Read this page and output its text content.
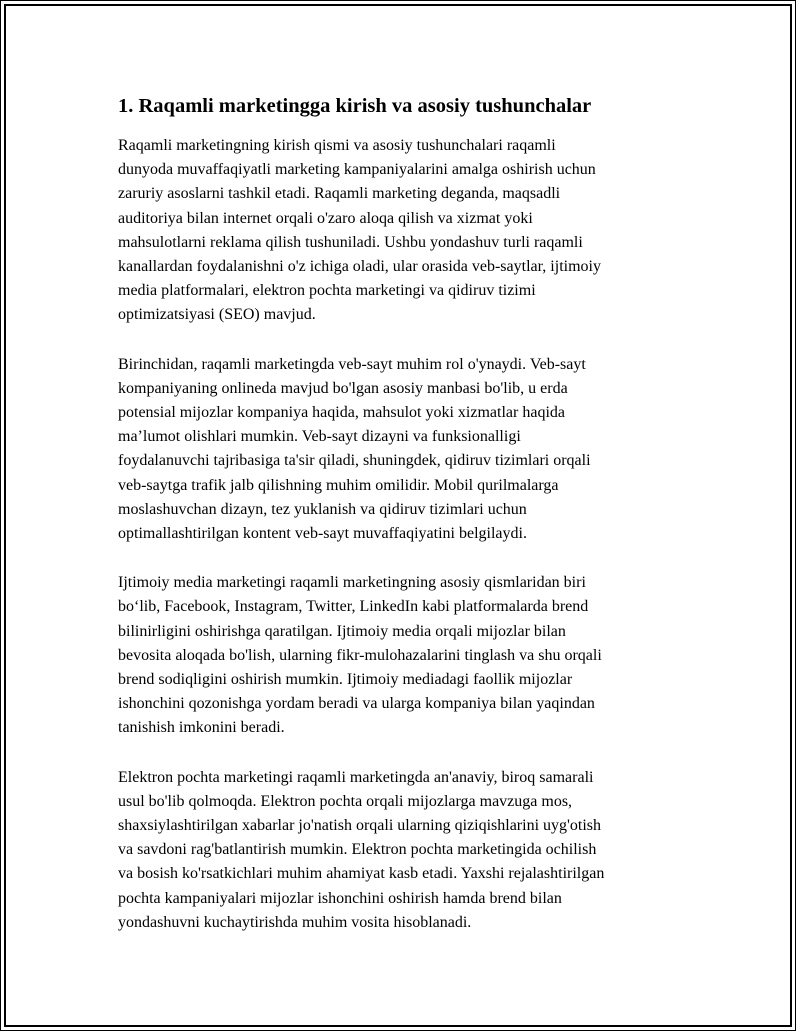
1. Raqamli marketingga kirish va asosiy tushunchalar

Raqamli marketingning kirish qismi va asosiy tushunchalari raqamli
dunyoda muvaffaqiyatli marketing kampaniyalarini amalga oshirish uchun
zaruriy asoslarni tashkil etadi. Raqamli marketing deganda, maqsadli
auditoriya bilan internet orqali o'zaro aloqa qilish va xizmat yoki
mahsulotlarni reklama qilish tushuniladi. Ushbu yondashuv turli raqamli
kanallardan foydalanishni o'z ichiga oladi, ular orasida veb-saytlar, ijtimoiy
media platformalari, elektron pochta marketingi va qidiruv tizimi
optimizatsiyasi (SEO) mavjud.

Birinchidan, raqamli marketingda veb-sayt muhim rol o'ynaydi. Veb-sayt
kompaniyaning onlineda mavjud bo'lgan asosiy manbasi bo'lib, u erda
potensial mijozlar kompaniya haqida, mahsulot yoki xizmatlar haqida
ma’lumot olishlari mumkin. Veb-sayt dizayni va funksionalligi
foydalanuvchi tajribasiga ta'sir qiladi, shuningdek, qidiruv tizimlari orqali
veb-saytga trafik jalb qilishning muhim omilidir. Mobil qurilmalarga
moslashuvchan dizayn, tez yuklanish va qidiruv tizimlari uchun
optimallashtirilgan kontent veb-sayt muvaffaqiyatini belgilaydi.

Ijtimoiy media marketingi raqamli marketingning asosiy qismlaridan biri
bo‘lib, Facebook, Instagram, Twitter, LinkedIn kabi platformalarda brend
bilinirligini oshirishga qaratilgan. Ijtimoiy media orqali mijozlar bilan
bevosita aloqada bo'lish, ularning fikr-mulohazalarini tinglash va shu orqali
brend sodiqligini oshirish mumkin. Ijtimoiy mediadagi faollik mijozlar
ishonchini qozonishga yordam beradi va ularga kompaniya bilan yaqindan
tanishish imkonini beradi.

Elektron pochta marketingi raqamli marketingda an'anaviy, biroq samarali
usul bo'lib qolmoqda. Elektron pochta orqali mijozlarga mavzuga mos,
shaxsiylashtirilgan xabarlar jo'natish orqali ularning qiziqishlarini uyg'otish
va savdoni rag'batlantirish mumkin. Elektron pochta marketingida ochilish
va bosish ko'rsatkichlari muhim ahamiyat kasb etadi. Yaxshi rejalashtirilgan
pochta kampaniyalari mijozlar ishonchini oshirish hamda brend bilan
yondashuvni kuchaytirishda muhim vosita hisoblanadi.
